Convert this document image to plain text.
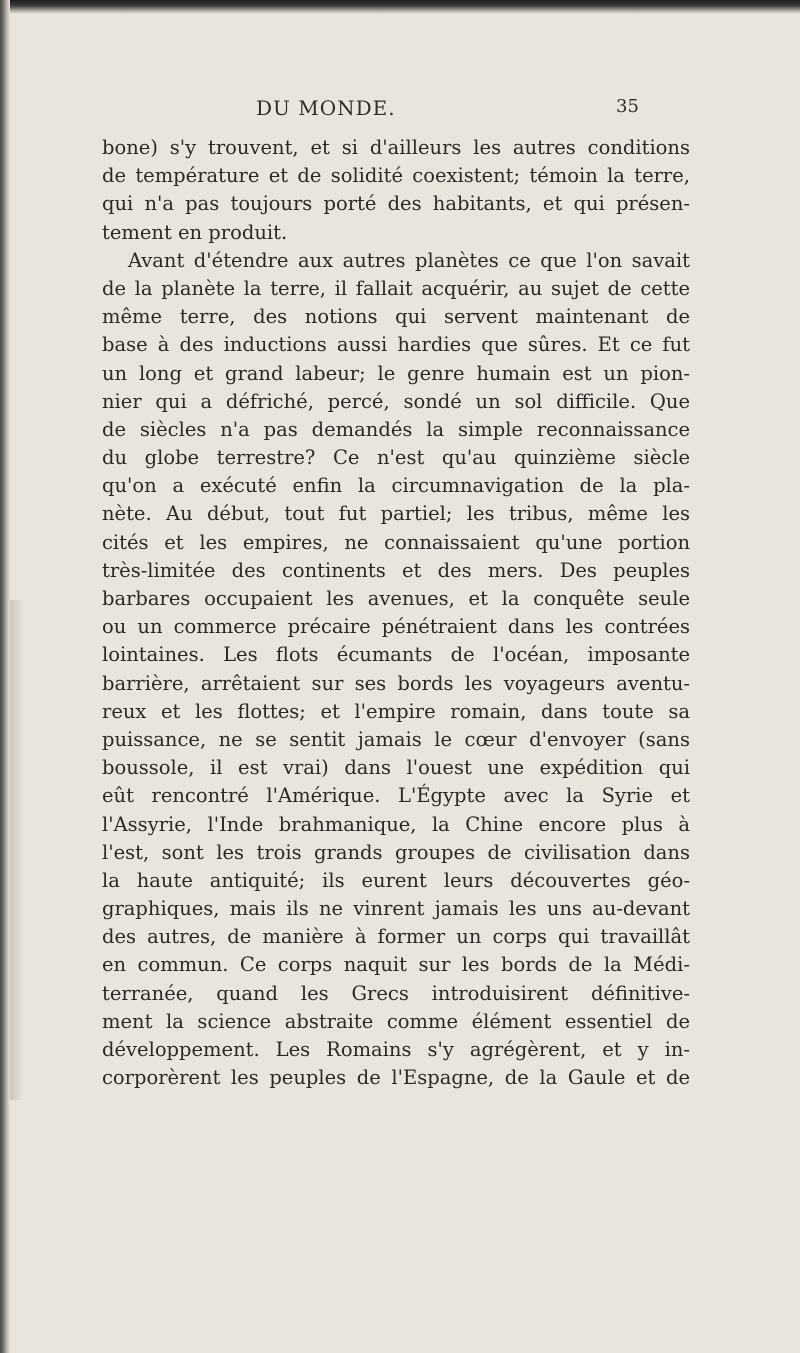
DU MONDE.	35
bone) s'y trouvent, et si d'ailleurs les autres conditions
de température et de solidité coexistent; témoin la terre,
qui n'a pas toujours porté des habitants, et qui présen-
tement en produit.
Avant d'étendre aux autres planètes ce que l'on savait
de la planète la terre, il fallait acquérir, au sujet de cette
même terre, des notions qui servent maintenant de
base à des inductions aussi hardies que sûres. Et ce fut
un long et grand labeur; le genre humain est un pion-
nier qui a défriché, percé, sondé un sol difficile. Que
de siècles n'a pas demandés la simple reconnaissance
du globe terrestre? Ce n'est qu'au quinzième siècle
qu'on a exécuté enfin la circumnavigation de la pla-
nète. Au début, tout fut partiel; les tribus, même les
cités et les empires, ne connaissaient qu'une portion
très-limitée des continents et des mers. Des peuples
barbares occupaient les avenues, et la conquête seule
ou un commerce précaire pénétraient dans les contrées
lointaines. Les flots écumants de l'océan, imposante
barrière, arrêtaient sur ses bords les voyageurs aventu-
reux et les flottes; et l'empire romain, dans toute sa
puissance, ne se sentit jamais le cœur d'envoyer (sans
boussole, il est vrai) dans l'ouest une expédition qui
eût rencontré l'Amérique. L'Égypte avec la Syrie et
l'Assyrie, l'Inde brahmanique, la Chine encore plus à
l'est, sont les trois grands groupes de civilisation dans
la haute antiquité; ils eurent leurs découvertes géo-
graphiques, mais ils ne vinrent jamais les uns au-devant
des autres, de manière à former un corps qui travaillât
en commun. Ce corps naquit sur les bords de la Médi-
terranée, quand les Grecs introduisirent définitive-
ment la science abstraite comme élément essentiel de
développement. Les Romains s'y agrégèrent, et y in-
corporèrent les peuples de l'Espagne, de la Gaule et de
